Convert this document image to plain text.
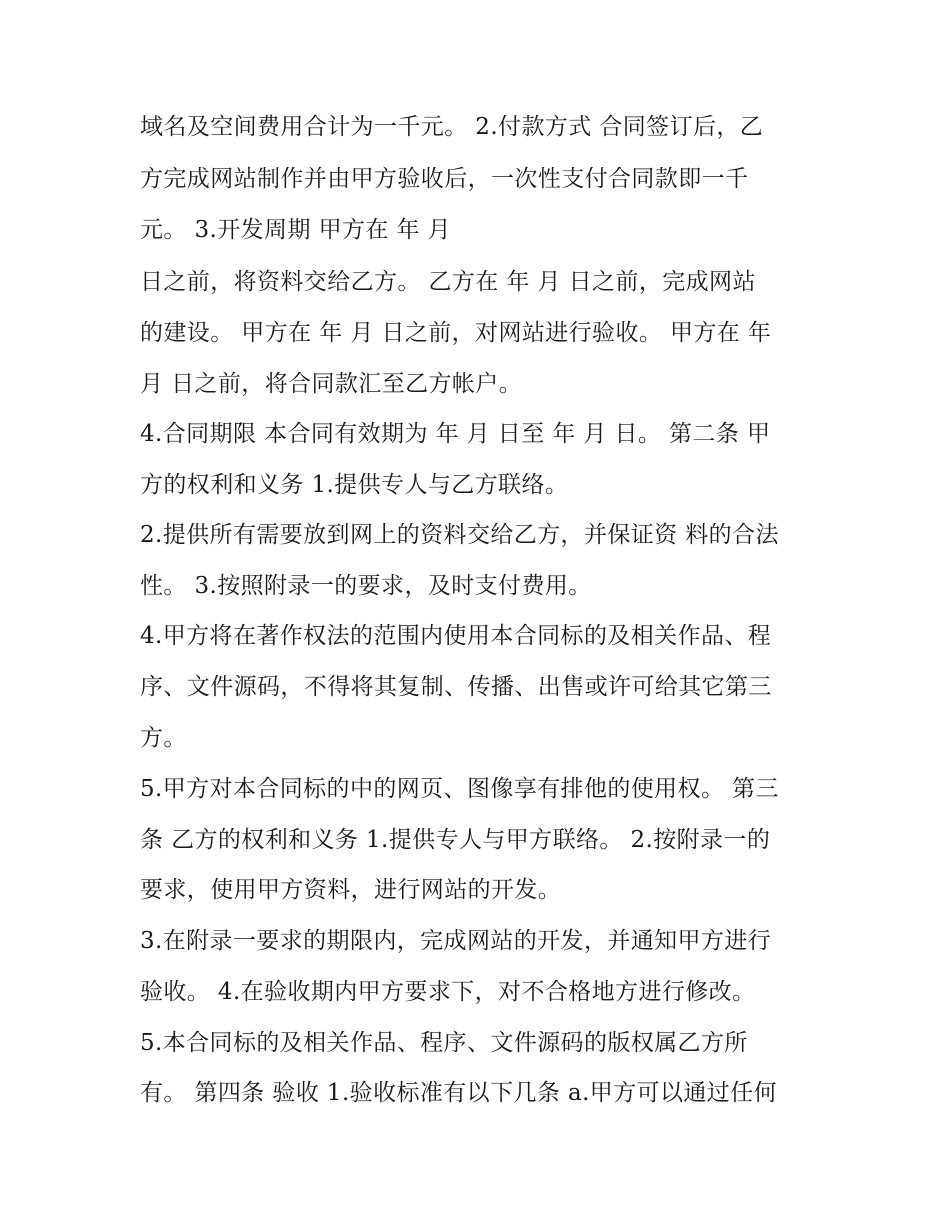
域名及空间费用合计为一千元。 2.付款方式 合同签订后，乙
方完成网站制作并由甲方验收后，一次性支付合同款即一千
元。 3.开发周期 甲方在 年 月
日之前，将资料交给乙方。 乙方在 年 月 日之前，完成网站
的建设。 甲方在 年 月 日之前，对网站进行验收。 甲方在 年
月 日之前，将合同款汇至乙方帐户。
4.合同期限 本合同有效期为 年 月 日至 年 月 日。 第二条 甲
方的权利和义务 1.提供专人与乙方联络。
2.提供所有需要放到网上的资料交给乙方，并保证资 料的合法
性。 3.按照附录一的要求，及时支付费用。
4.甲方将在著作权法的范围内使用本合同标的及相关作品、程
序、文件源码，不得将其复制、传播、出售或许可给其它第三
方。
5.甲方对本合同标的中的网页、图像享有排他的使用权。 第三
条 乙方的权利和义务 1.提供专人与甲方联络。 2.按附录一的
要求，使用甲方资料，进行网站的开发。
3.在附录一要求的期限内，完成网站的开发，并通知甲方进行
验收。 4.在验收期内甲方要求下，对不合格地方进行修改。
5.本合同标的及相关作品、程序、文件源码的版权属乙方所
有。 第四条 验收 1.验收标准有以下几条 a.甲方可以通过任何
